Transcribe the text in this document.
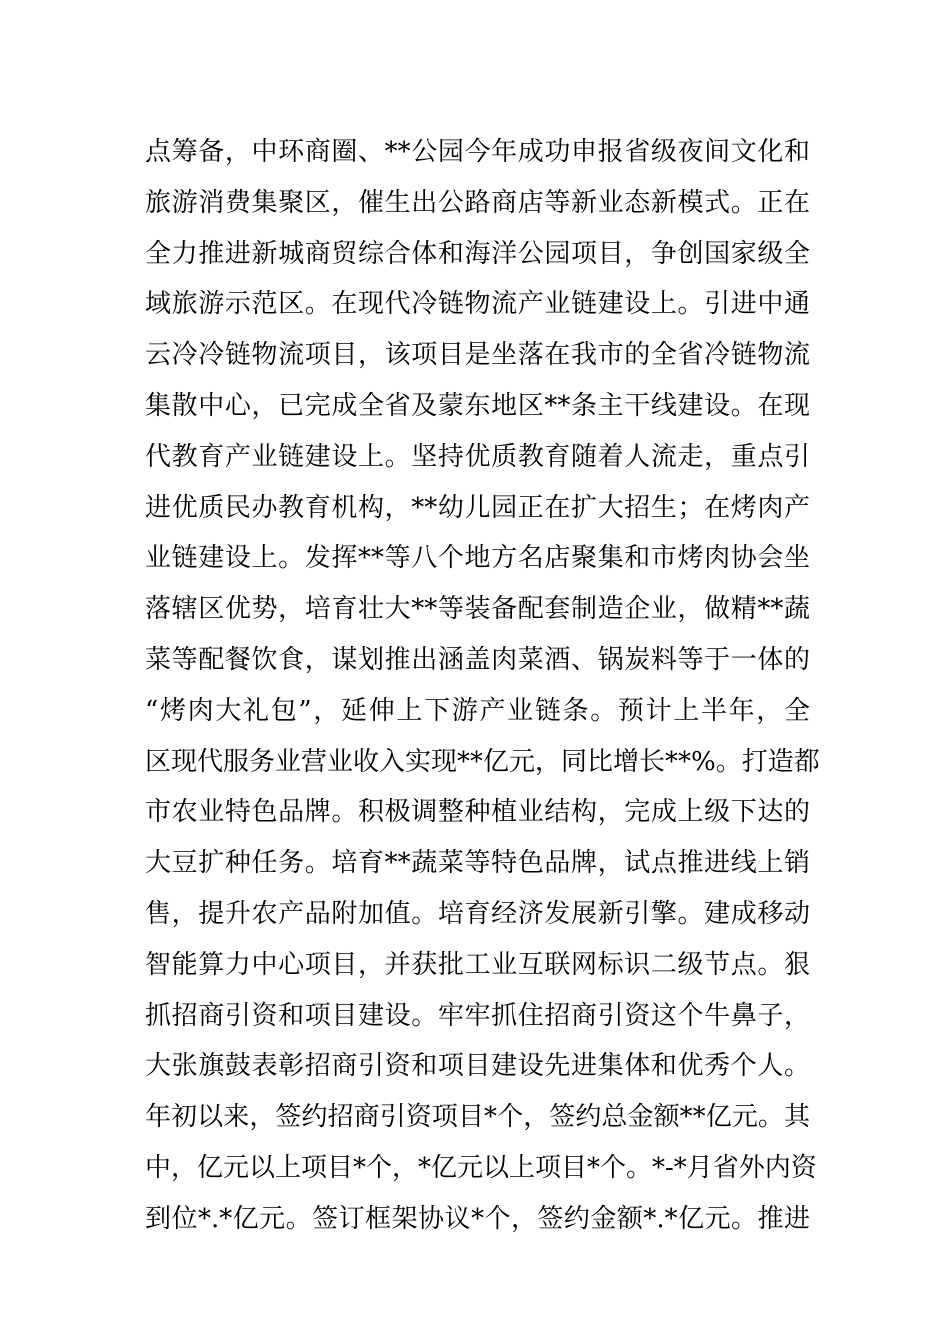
点筹备，中环商圈、**公园今年成功申报省级夜间文化和
旅游消费集聚区，催生出公路商店等新业态新模式。正在
全力推进新城商贸综合体和海洋公园项目，争创国家级全
域旅游示范区。在现代冷链物流产业链建设上。引进中通
云冷冷链物流项目，该项目是坐落在我市的全省冷链物流
集散中心，已完成全省及蒙东地区**条主干线建设。在现
代教育产业链建设上。坚持优质教育随着人流走，重点引
进优质民办教育机构，**幼儿园正在扩大招生；在烤肉产
业链建设上。发挥**等八个地方名店聚集和市烤肉协会坐
落辖区优势，培育壮大**等装备配套制造企业，做精**蔬
菜等配餐饮食，谋划推出涵盖肉菜酒、锅炭料等于一体的
“烤肉大礼包”，延伸上下游产业链条。预计上半年，全
区现代服务业营业收入实现**亿元，同比增长**%。打造都
市农业特色品牌。积极调整种植业结构，完成上级下达的
大豆扩种任务。培育**蔬菜等特色品牌，试点推进线上销
售，提升农产品附加值。培育经济发展新引擎。建成移动
智能算力中心项目，并获批工业互联网标识二级节点。狠
抓招商引资和项目建设。牢牢抓住招商引资这个牛鼻子，
大张旗鼓表彰招商引资和项目建设先进集体和优秀个人。
年初以来，签约招商引资项目*个，签约总金额**亿元。其
中，亿元以上项目*个，*亿元以上项目*个。*-*月省外内资
到位*.*亿元。签订框架协议*个，签约金额*.*亿元。推进
